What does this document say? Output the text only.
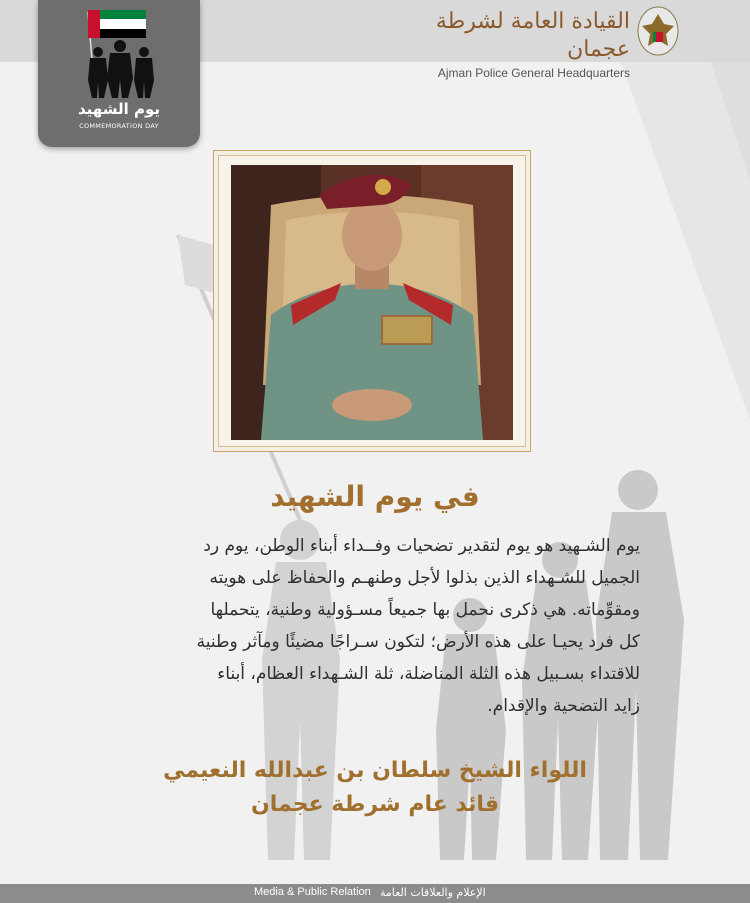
القيادة العامة لشرطة عجمان
Ajman Police General Headquarters
يوم الشهيد
COMMEMORATION DAY
في يوم الشهيد
يوم الشـهيد هو يوم لتقدير تضحيات وفــداء أبناء الوطن، يوم رد
الجميل للشـهداء الذين بذلوا لأجل وطنهـم والحفاظ على هويته
ومقوِّماته. هي ذكرى نحمل بها جميعاً مسـؤولية وطنية، يتحملها
كل فرد يحيـا على هذه الأرض؛ لتكون سـراجًا مضيئًا ومآثر وطنية
للاقتداء بسـبيل هذه الثلة المناضلة، ثلة الشـهداء العظام، أبناء
زايد التضحية والإقدام.
اللواء الشيخ سلطان بن عبدالله النعيمي
قائد عام شرطة عجمان
Media & Public Relation الإعلام والعلاقات العامة
